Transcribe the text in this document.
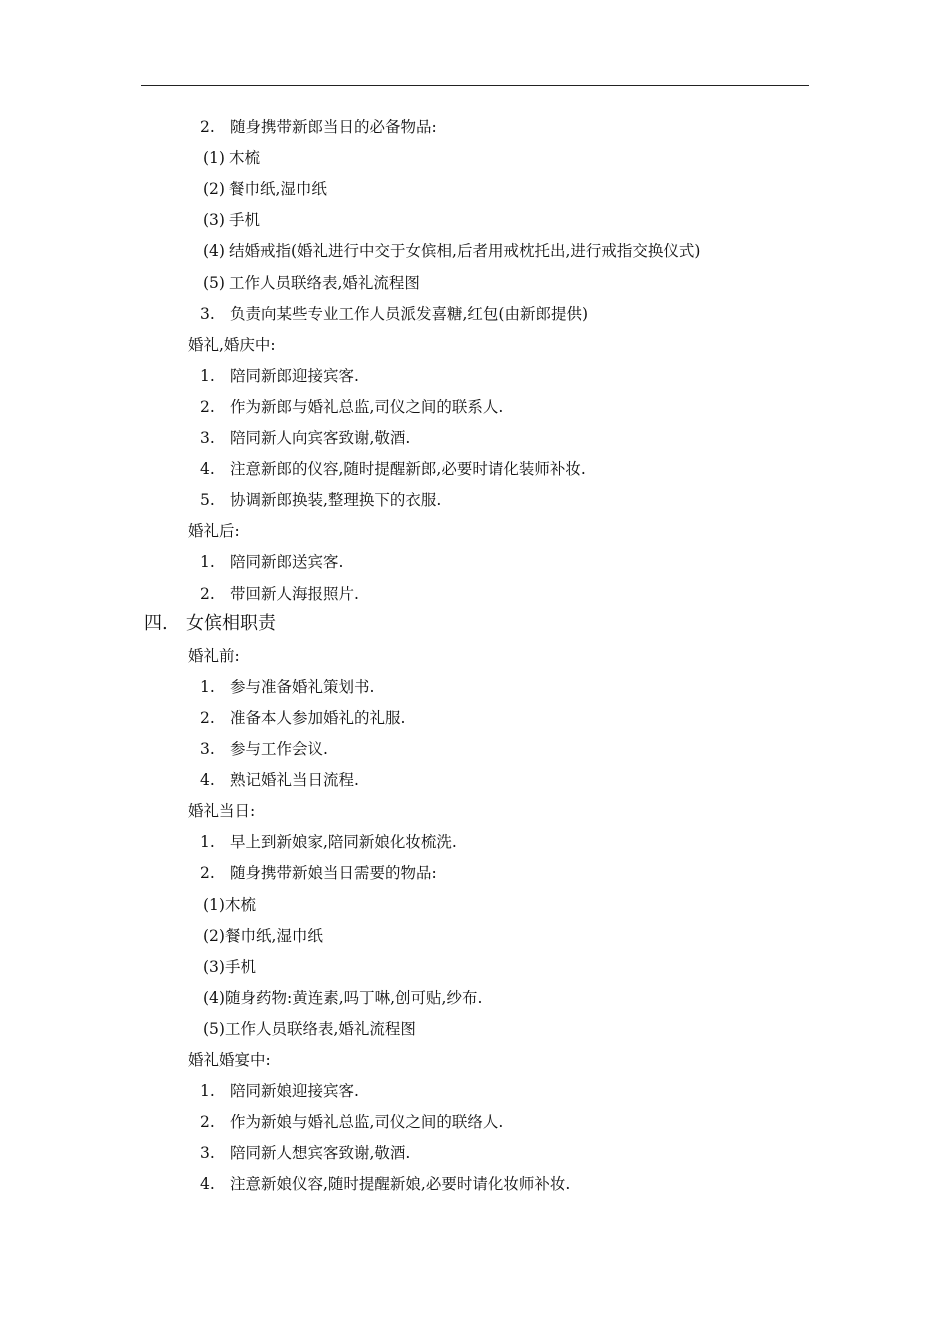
2. 随身携带新郎当日的必备物品:
(1) 木梳
(2) 餐巾纸,湿巾纸
(3) 手机
(4) 结婚戒指(婚礼进行中交于女傧相,后者用戒枕托出,进行戒指交换仪式)
(5) 工作人员联络表,婚礼流程图
3. 负责向某些专业工作人员派发喜糖,红包(由新郎提供)
婚礼,婚庆中:
1. 陪同新郎迎接宾客.
2. 作为新郎与婚礼总监,司仪之间的联系人.
3. 陪同新人向宾客致谢,敬酒.
4. 注意新郎的仪容,随时提醒新郎,必要时请化装师补妆.
5. 协调新郎换装,整理换下的衣服.
婚礼后:
1. 陪同新郎送宾客.
2. 带回新人海报照片.
四. 女傧相职责
婚礼前:
1. 参与准备婚礼策划书.
2. 准备本人参加婚礼的礼服.
3. 参与工作会议.
4. 熟记婚礼当日流程.
婚礼当日:
1. 早上到新娘家,陪同新娘化妆梳洗.
2. 随身携带新娘当日需要的物品:
(1)木梳
(2)餐巾纸,湿巾纸
(3)手机
(4)随身药物:黄连素,吗丁啉,创可贴,纱布.
(5)工作人员联络表,婚礼流程图
婚礼婚宴中:
1. 陪同新娘迎接宾客.
2. 作为新娘与婚礼总监,司仪之间的联络人.
3. 陪同新人想宾客致谢,敬酒.
4. 注意新娘仪容,随时提醒新娘,必要时请化妆师补妆.
